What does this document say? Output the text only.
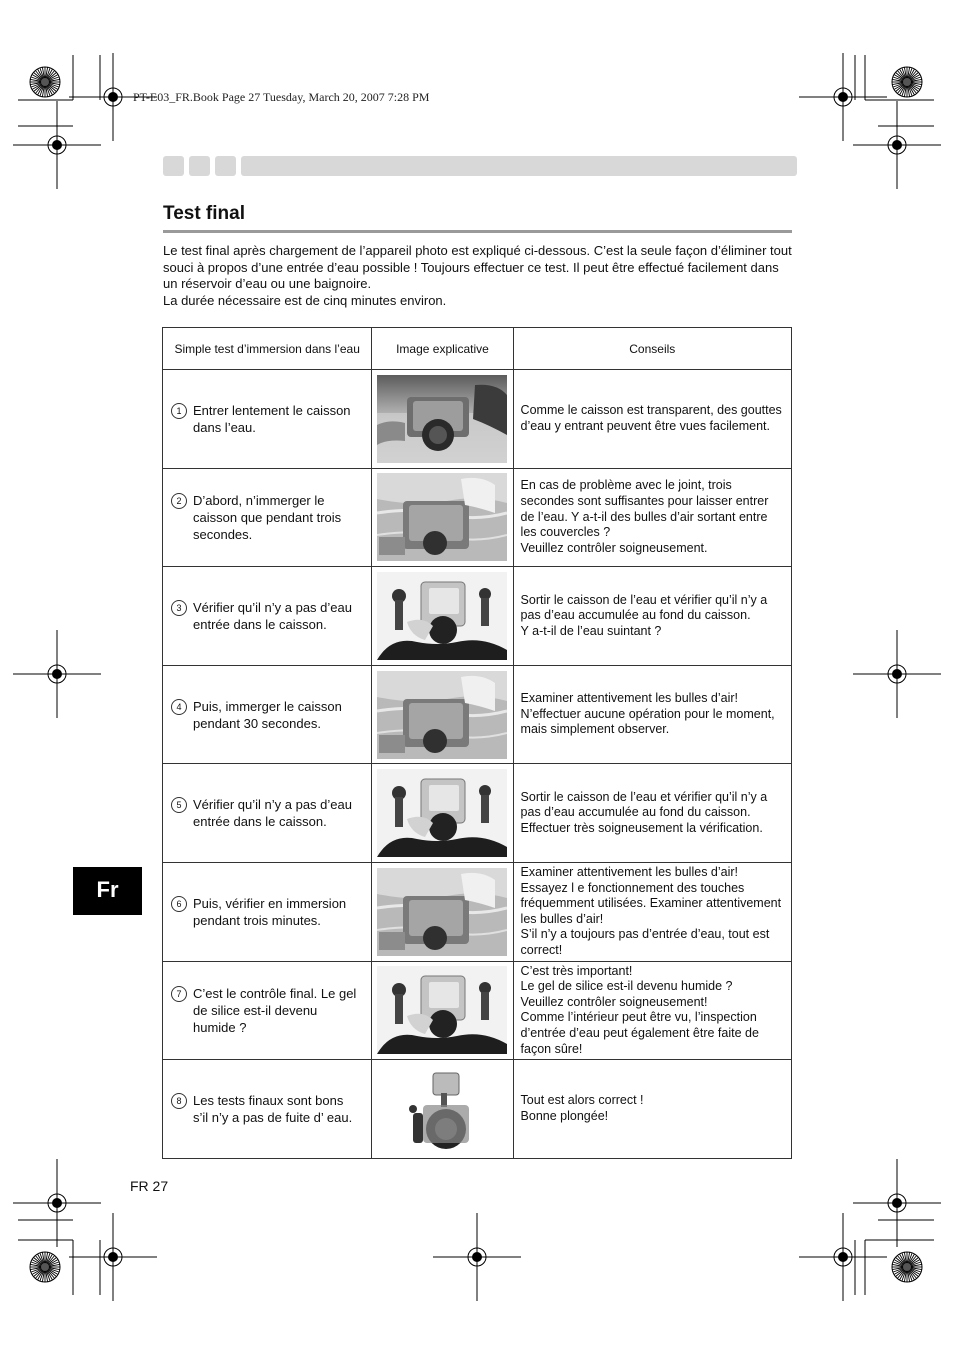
PT-E03_FR.Book Page 27 Tuesday, March 20, 2007 7:28 PM
Test final

Le test final après chargement de l’appareil photo est expliqué ci-dessous. C’est la seule façon d’éliminer tout souci à propos d’une entrée d’eau possible ! Toujours effectuer ce test. Il peut être effectué facilement dans un réservoir d’eau ou une baignoire.

La durée nécessaire est de cinq minutes environ.

Simple test d’immersion dans l’eau	Image explicative	Conseils

1 Entrer lentement le caisson dans l’eau.		Comme le caisson est transparent, des gouttes d’eau y entrant peuvent être vues facilement.

2 D’abord, n’immerger le caisson que pendant trois secondes.		En cas de problème avec le joint, trois secondes sont suffisantes pour laisser entrer de l’eau. Y a-t-il des bulles d’air sortant entre les couvercles ?
Veuillez contrôler soigneusement.

3 Vérifier qu’il n’y a pas d’eau entrée dans le caisson.		Sortir le caisson de l’eau et vérifier qu’il n’y a pas d’eau accumulée au fond du caisson.
Y a-t-il de l’eau suintant ?

4 Puis, immerger le caisson pendant 30 secondes.		Examiner attentivement les bulles d’air!
N’effectuer aucune opération pour le moment, mais simplement observer.

5 Vérifier qu’il n’y a pas d’eau entrée dans le caisson.		Sortir le caisson de l’eau et vérifier qu’il n’y a pas d’eau accumulée au fond du caisson.
Effectuer très soigneusement la vérification.

6 Puis, vérifier en immersion pendant trois minutes.		Examiner attentivement les bulles d’air!
Essayez l e fonctionnement des touches fréquemment utilisées. Examiner attentivement les bulles d’air!
S’il n’y a toujours pas d’entrée d’eau, tout est correct!

7 C’est le contrôle final. Le gel de silice est-il devenu humide ?		C’est très important!
Le gel de silice est-il devenu humide ?
Veuillez contrôler soigneusement!
Comme l’intérieur peut être vu, l’inspection d’entrée d’eau peut également être faite de façon sûre!

8 Les tests finaux sont bons s’il n’y a pas de fuite d’ eau.		Tout est alors correct !
Bonne plongée!
Fr
FR 27
